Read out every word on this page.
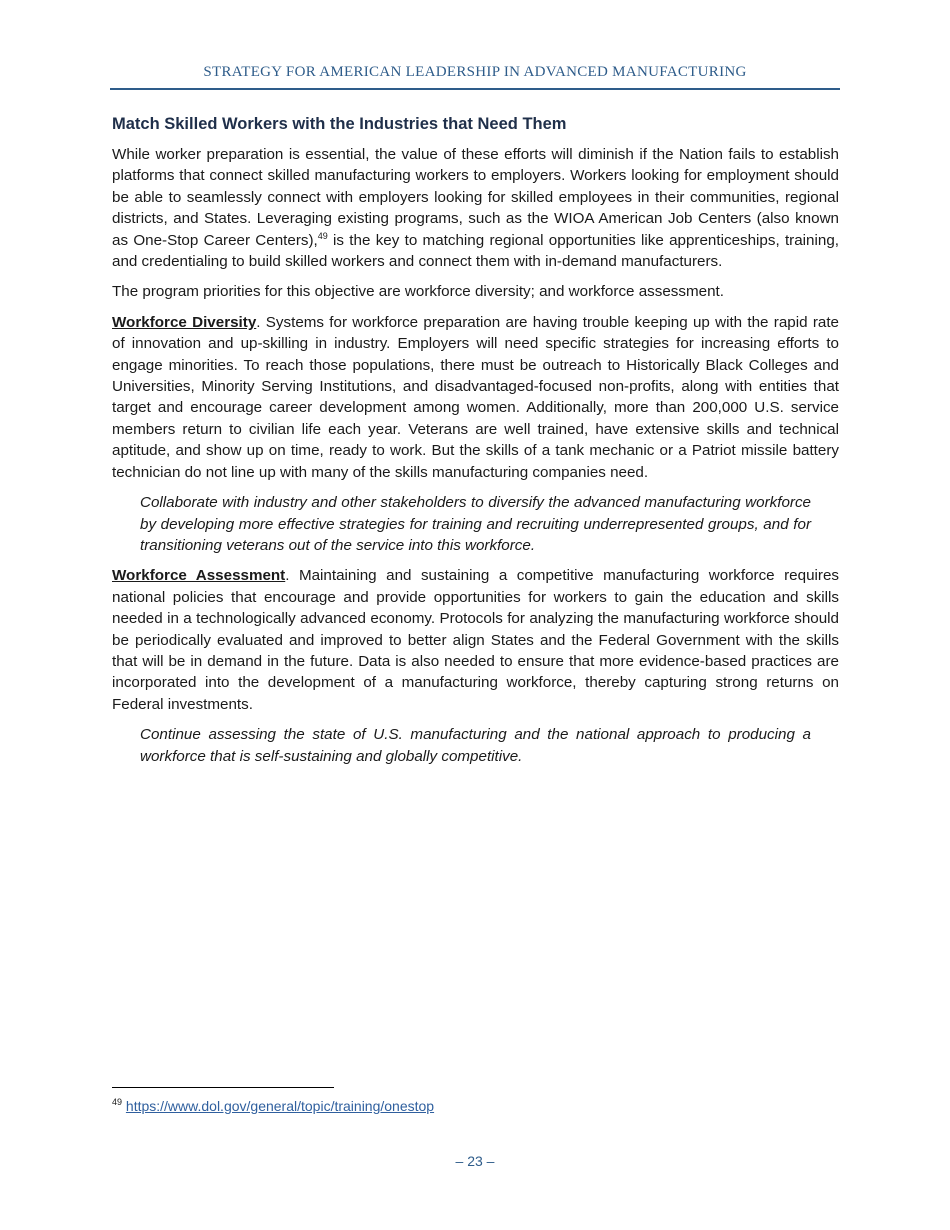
STRATEGY FOR AMERICAN LEADERSHIP IN ADVANCED MANUFACTURING
Match Skilled Workers with the Industries that Need Them

While worker preparation is essential, the value of these efforts will diminish if the Nation fails to establish platforms that connect skilled manufacturing workers to employers. Workers looking for employment should be able to seamlessly connect with employers looking for skilled employees in their communities, regional districts, and States. Leveraging existing programs, such as the WIOA American Job Centers (also known as One-Stop Career Centers),$^{49}$ is the key to matching regional opportunities like apprenticeships, training, and credentialing to build skilled workers and connect them with in-demand manufacturers.

The program priorities for this objective are workforce diversity; and workforce assessment.

Workforce Diversity. Systems for workforce preparation are having trouble keeping up with the rapid rate of innovation and up-skilling in industry. Employers will need specific strategies for increasing efforts to engage minorities. To reach those populations, there must be outreach to Historically Black Colleges and Universities, Minority Serving Institutions, and disadvantaged-focused non-profits, along with entities that target and encourage career development among women. Additionally, more than 200,000 U.S. service members return to civilian life each year. Veterans are well trained, have extensive skills and technical aptitude, and show up on time, ready to work. But the skills of a tank mechanic or a Patriot missile battery technician do not line up with many of the skills manufacturing companies need.

Collaborate with industry and other stakeholders to diversify the advanced manufacturing workforce by developing more effective strategies for training and recruiting underrepresented groups, and for transitioning veterans out of the service into this workforce.

Workforce Assessment. Maintaining and sustaining a competitive manufacturing workforce requires national policies that encourage and provide opportunities for workers to gain the education and skills needed in a technologically advanced economy. Protocols for analyzing the manufacturing workforce should be periodically evaluated and improved to better align States and the Federal Government with the skills that will be in demand in the future. Data is also needed to ensure that more evidence-based practices are incorporated into the development of a manufacturing workforce, thereby capturing strong returns on Federal investments.

Continue assessing the state of U.S. manufacturing and the national approach to producing a workforce that is self-sustaining and globally competitive.

$^{49}$ https://www.dol.gov/general/topic/training/onestop
– 23 –
